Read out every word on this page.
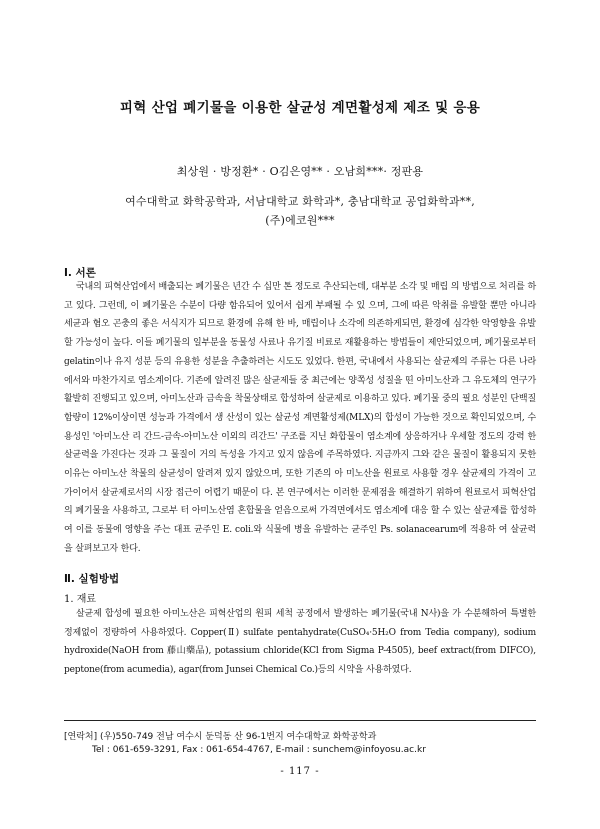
피혁 산업 폐기물을 이용한 살균성 계면활성제 제조 및 응용
최상원 · 방정환* · O김은영** · 오남희***· 정판용
여수대학교 화학공학과, 서남대학교 화학과*, 충남대학교 공업화학과**,
(주)에코원***
Ⅰ. 서론
국내의 피혁산업에서 배출되는 폐기물은 년간 수 십만 톤 정도로 추산되는데, 대부분 소각 및 매립 의 방법으로 처리를 하고 있다. 그런데, 이 폐기물은 수분이 다량 함유되어 있어서 쉽게 부패될 수 있 으며, 그에 따른 악취를 유발할 뿐만 아니라 세균과 혐오 곤충의 좋은 서식지가 되므로 환경에 유해 한 바, 매립이나 소각에 의존하게되면, 환경에 심각한 악영향을 유발할 가능성이 높다. 이들 폐기물의 일부분을 동물성 사료나 유기질 비료로 재활용하는 방법들이 제안되었으며, 폐기물로부터 gelatin이나 유지 성분 등의 유용한 성분을 추출하려는 시도도 있었다. 한편, 국내에서 사용되는 살균제의 주류는 다른 나라에서와 마찬가지로 염소계이다. 기존에 알려진 많은 살균제들 중 최근에는 양쪽성 성질을 띤 아미노산과 그 유도체의 연구가 활발히 진행되고 있으며, 아미노산과 금속을 착물상태로 합성하여 살균제로 이용하고 있다. 폐기물 중의 필요 성분인 단백질 함량이 12%이상이면 성능과 가격에서 생 산성이 있는 살균성 계면활성제(MLX)의 합성이 가능한 것으로 확인되었으며, 수용성인 '아미노산 리 간드-금속-아미노산 이외의 리간드' 구조를 지닌 화합물이 염소계에 상응하거나 우세할 정도의 강력 한 살균력을 가진다는 것과 그 물질이 거의 독성을 가지고 있지 않음에 주목하였다. 지금까지 그와 같은 물질이 활용되지 못한 이유는 아미노산 착물의 살균성이 알려져 있지 않았으며, 또한 기존의 아 미노산을 원료로 사용할 경우 살균제의 가격이 고가이어서 살균제로서의 시장 접근이 어렵기 때문이 다. 본 연구에서는 이러한 문제점을 해결하기 위하여 원료로서 피혁산업의 폐기물을 사용하고, 그로부 터 아미노산염 혼합물을 얻음으로써 가격면에서도 염소계에 대응 할 수 있는 살균제를 합성하여 이를 동물에 영향을 주는 대표 균주인 E. coli.와 식물에 병을 유발하는 균주인 Ps. solanacearum에 적용하 여 살균력을 살펴보고자 한다.
Ⅱ. 실험방법
1. 재료
살균제 합성에 필요한 아미노산은 피혁산업의 원피 세척 공정에서 발생하는 폐기물(국내 N사)을 가 수분해하여 특별한 정제없이 정량하여 사용하였다. Copper(Ⅱ) sulfate pentahydrate(CuSO₄·5H₂O from Tedia company), sodium hydroxide(NaOH from 藤山藥品), potassium chloride(KCl from Sigma P-4505), beef extract(from DIFCO), peptone(from acumedia), agar(from Junsei Chemical Co.)등의 시약을 사용하였다.
[연락처] (우)550-749 전남 여수시 둔덕동 산 96-1번지 여수대학교 화학공학과
Tel : 061-659-3291, Fax : 061-654-4767, E-mail : sunchem@infoyosu.ac.kr
- 117 -
